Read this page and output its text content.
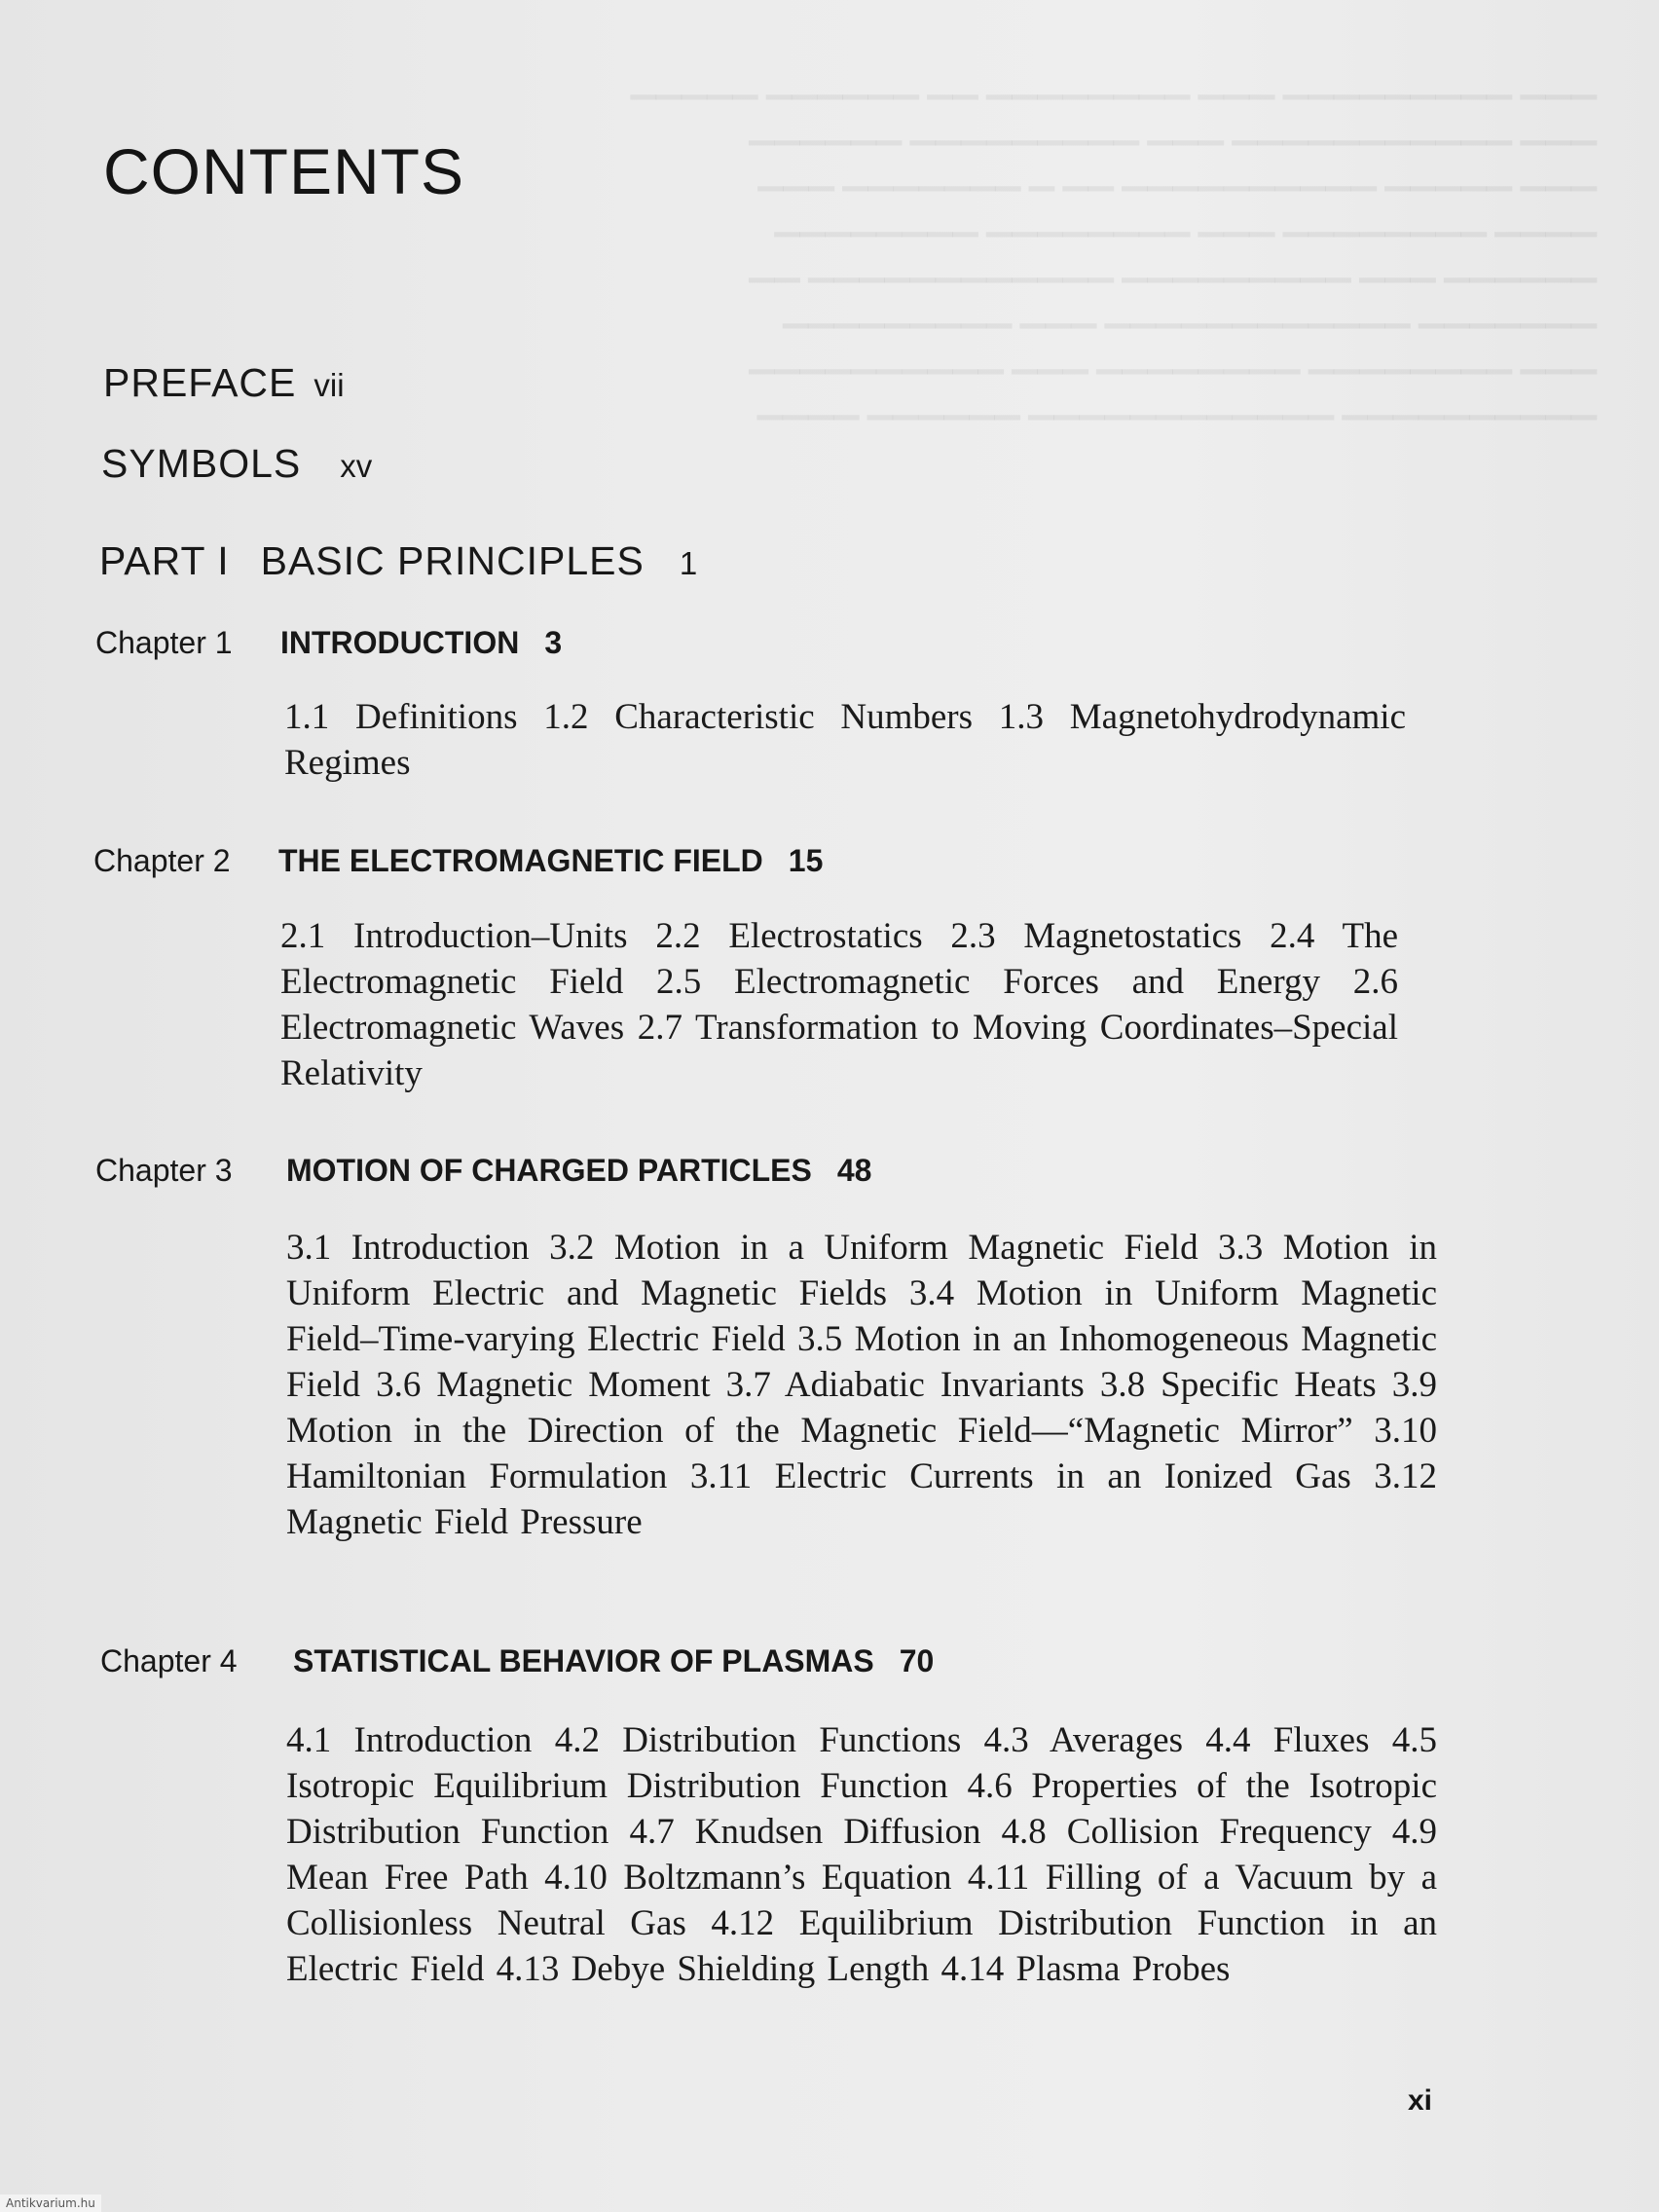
▁▁▁ ▁▁▁▁▁▁▁▁▁ ▁▁▁ ▁▁▁▁▁▁▁▁ ▁▁ ▁▁▁▁▁▁ ▁▁▁▁▁
▁▁▁ ▁▁▁▁▁▁▁▁▁▁▁ ▁▁▁ ▁▁▁▁▁▁▁▁▁ ▁▁▁▁▁▁
▁▁▁ ▁▁▁▁▁ ▁▁▁▁▁▁▁▁▁▁ ▁▁ ▁ ▁▁▁▁▁▁▁ ▁▁▁
▁▁▁▁ ▁▁▁▁▁▁▁▁ ▁▁▁ ▁▁▁▁▁▁▁▁ ▁▁▁▁▁▁▁▁
▁▁▁▁▁▁ ▁▁▁ ▁▁▁▁▁▁▁▁▁ ▁▁▁▁▁▁▁▁▁▁▁▁ ▁▁
▁▁▁▁▁▁▁ ▁▁▁▁▁▁▁▁▁▁▁▁ ▁▁▁ ▁▁▁▁▁▁▁▁▁
▁▁▁ ▁▁▁▁▁▁▁▁ ▁▁▁▁▁▁▁▁ ▁▁▁ ▁▁▁▁▁▁▁▁▁▁
▁▁▁▁▁▁▁▁▁▁ ▁▁▁▁▁▁▁▁▁▁▁▁ ▁▁▁▁▁▁ ▁▁▁▁
CONTENTS
PREFACE vii
SYMBOLS xv
PART I BASIC PRINCIPLES 1
Chapter 1 INTRODUCTION 3
1.1 Definitions 1.2 Characteristic Numbers 1.3 Magnetohydrodynamic Regimes
Chapter 2 THE ELECTROMAGNETIC FIELD 15
2.1 Introduction–Units 2.2 Electrostatics 2.3 Magnetostatics 2.4 The Electromagnetic Field 2.5 Electromagnetic Forces and Energy 2.6 Electromagnetic Waves 2.7 Transformation to Moving Coordinates–Special Relativity
Chapter 3 MOTION OF CHARGED PARTICLES 48
3.1 Introduction 3.2 Motion in a Uniform Magnetic Field 3.3 Motion in Uniform Electric and Magnetic Fields 3.4 Motion in Uniform Magnetic Field–Time-varying Electric Field 3.5 Motion in an Inhomogeneous Magnetic Field 3.6 Magnetic Moment 3.7 Adiabatic Invariants 3.8 Specific Heats 3.9 Motion in the Direction of the Magnetic Field—“Magnetic Mirror” 3.10 Hamiltonian Formulation 3.11 Electric Currents in an Ionized Gas 3.12 Magnetic Field Pressure
Chapter 4 STATISTICAL BEHAVIOR OF PLASMAS 70
4.1 Introduction 4.2 Distribution Functions 4.3 Averages 4.4 Fluxes 4.5 Isotropic Equilibrium Distribution Function 4.6 Properties of the Isotropic Distribution Function 4.7 Knudsen Diffusion 4.8 Collision Frequency 4.9 Mean Free Path 4.10 Boltzmann’s Equation 4.11 Filling of a Vacuum by a Collisionless Neutral Gas 4.12 Equilibrium Distribution Function in an Electric Field 4.13 Debye Shielding Length 4.14 Plasma Probes
xi
Antikvarium.hu
